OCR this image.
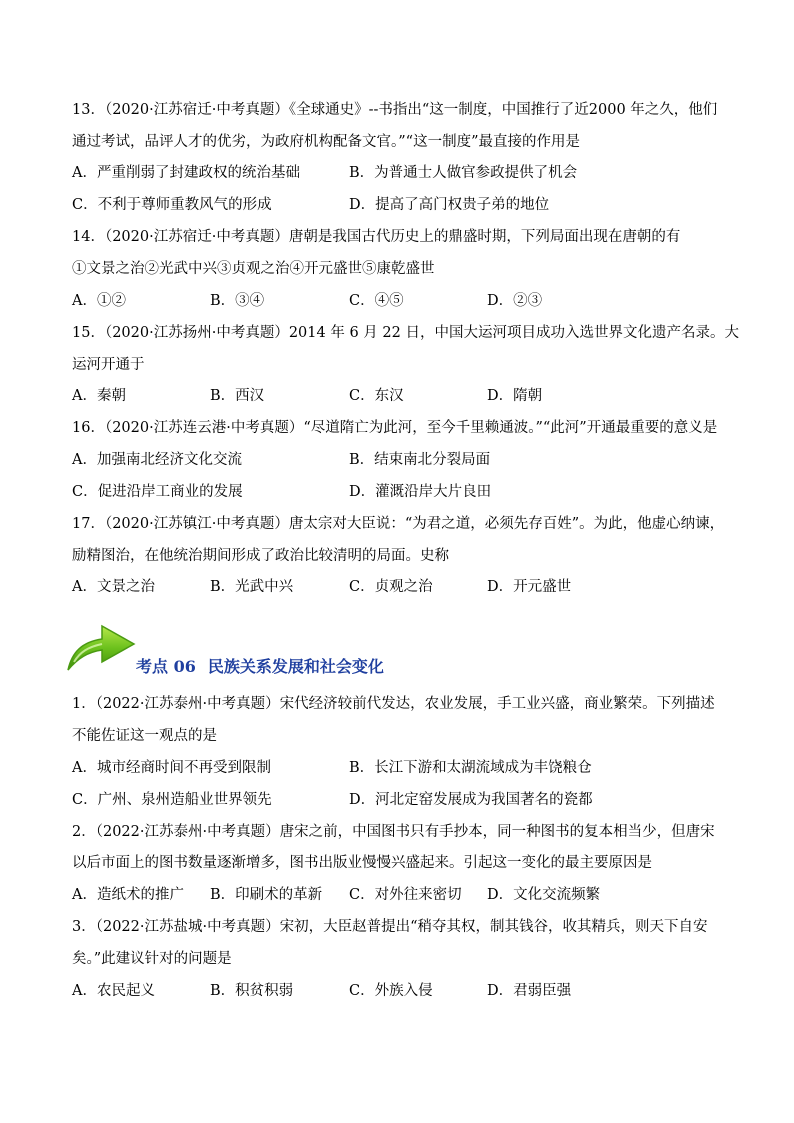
13．（2020·江苏宿迁·中考真题）《全球通史》--书指出“这一制度，中国推行了近2000 年之久，他们
通过考试，品评人才的优劣，为政府机构配备文官。”“这一制度”最直接的作用是
A．严重削弱了封建政权的统治基础	B．为普通士人做官参政提供了机会
C．不利于尊师重教风气的形成	D．提高了高门权贵子弟的地位
14．（2020·江苏宿迁·中考真题）唐朝是我国古代历史上的鼎盛时期，下列局面出现在唐朝的有
①文景之治②光武中兴③贞观之治④开元盛世⑤康乾盛世
A．①②	B．③④	C．④⑤	D．②③
15．（2020·江苏扬州·中考真题）2014 年 6 月 22 日，中国大运河项目成功入选世界文化遗产名录。大
运河开通于
A．秦朝	B．西汉	C．东汉	D．隋朝
16．（2020·江苏连云港·中考真题）“尽道隋亡为此河，至今千里赖通波。”“此河”开通最重要的意义是
A．加强南北经济文化交流	B．结束南北分裂局面
C．促进沿岸工商业的发展	D．灌溉沿岸大片良田
17．（2020·江苏镇江·中考真题）唐太宗对大臣说：“为君之道，必须先存百姓”。为此，他虚心纳谏，
励精图治，在他统治期间形成了政治比较清明的局面。史称
A．文景之治	B．光武中兴	C．贞观之治	D．开元盛世
考点 06 民族关系发展和社会变化
1．（2022·江苏泰州·中考真题）宋代经济较前代发达，农业发展，手工业兴盛，商业繁荣。下列描述
不能佐证这一观点的是
A．城市经商时间不再受到限制	B．长江下游和太湖流域成为丰饶粮仓
C．广州、泉州造船业世界领先	D．河北定窑发展成为我国著名的瓷都
2．（2022·江苏泰州·中考真题）唐宋之前，中国图书只有手抄本，同一种图书的复本相当少，但唐宋
以后市面上的图书数量逐渐增多，图书出版业慢慢兴盛起来。引起这一变化的最主要原因是
A．造纸术的推广 B．印刷术的革新 C．对外往来密切 D．文化交流频繁
3．（2022·江苏盐城·中考真题）宋初，大臣赵普提出“稍夺其权，制其钱谷，收其精兵，则天下自安
矣。”此建议针对的问题是
A．农民起义	B．积贫积弱	C．外族入侵	D．君弱臣强
